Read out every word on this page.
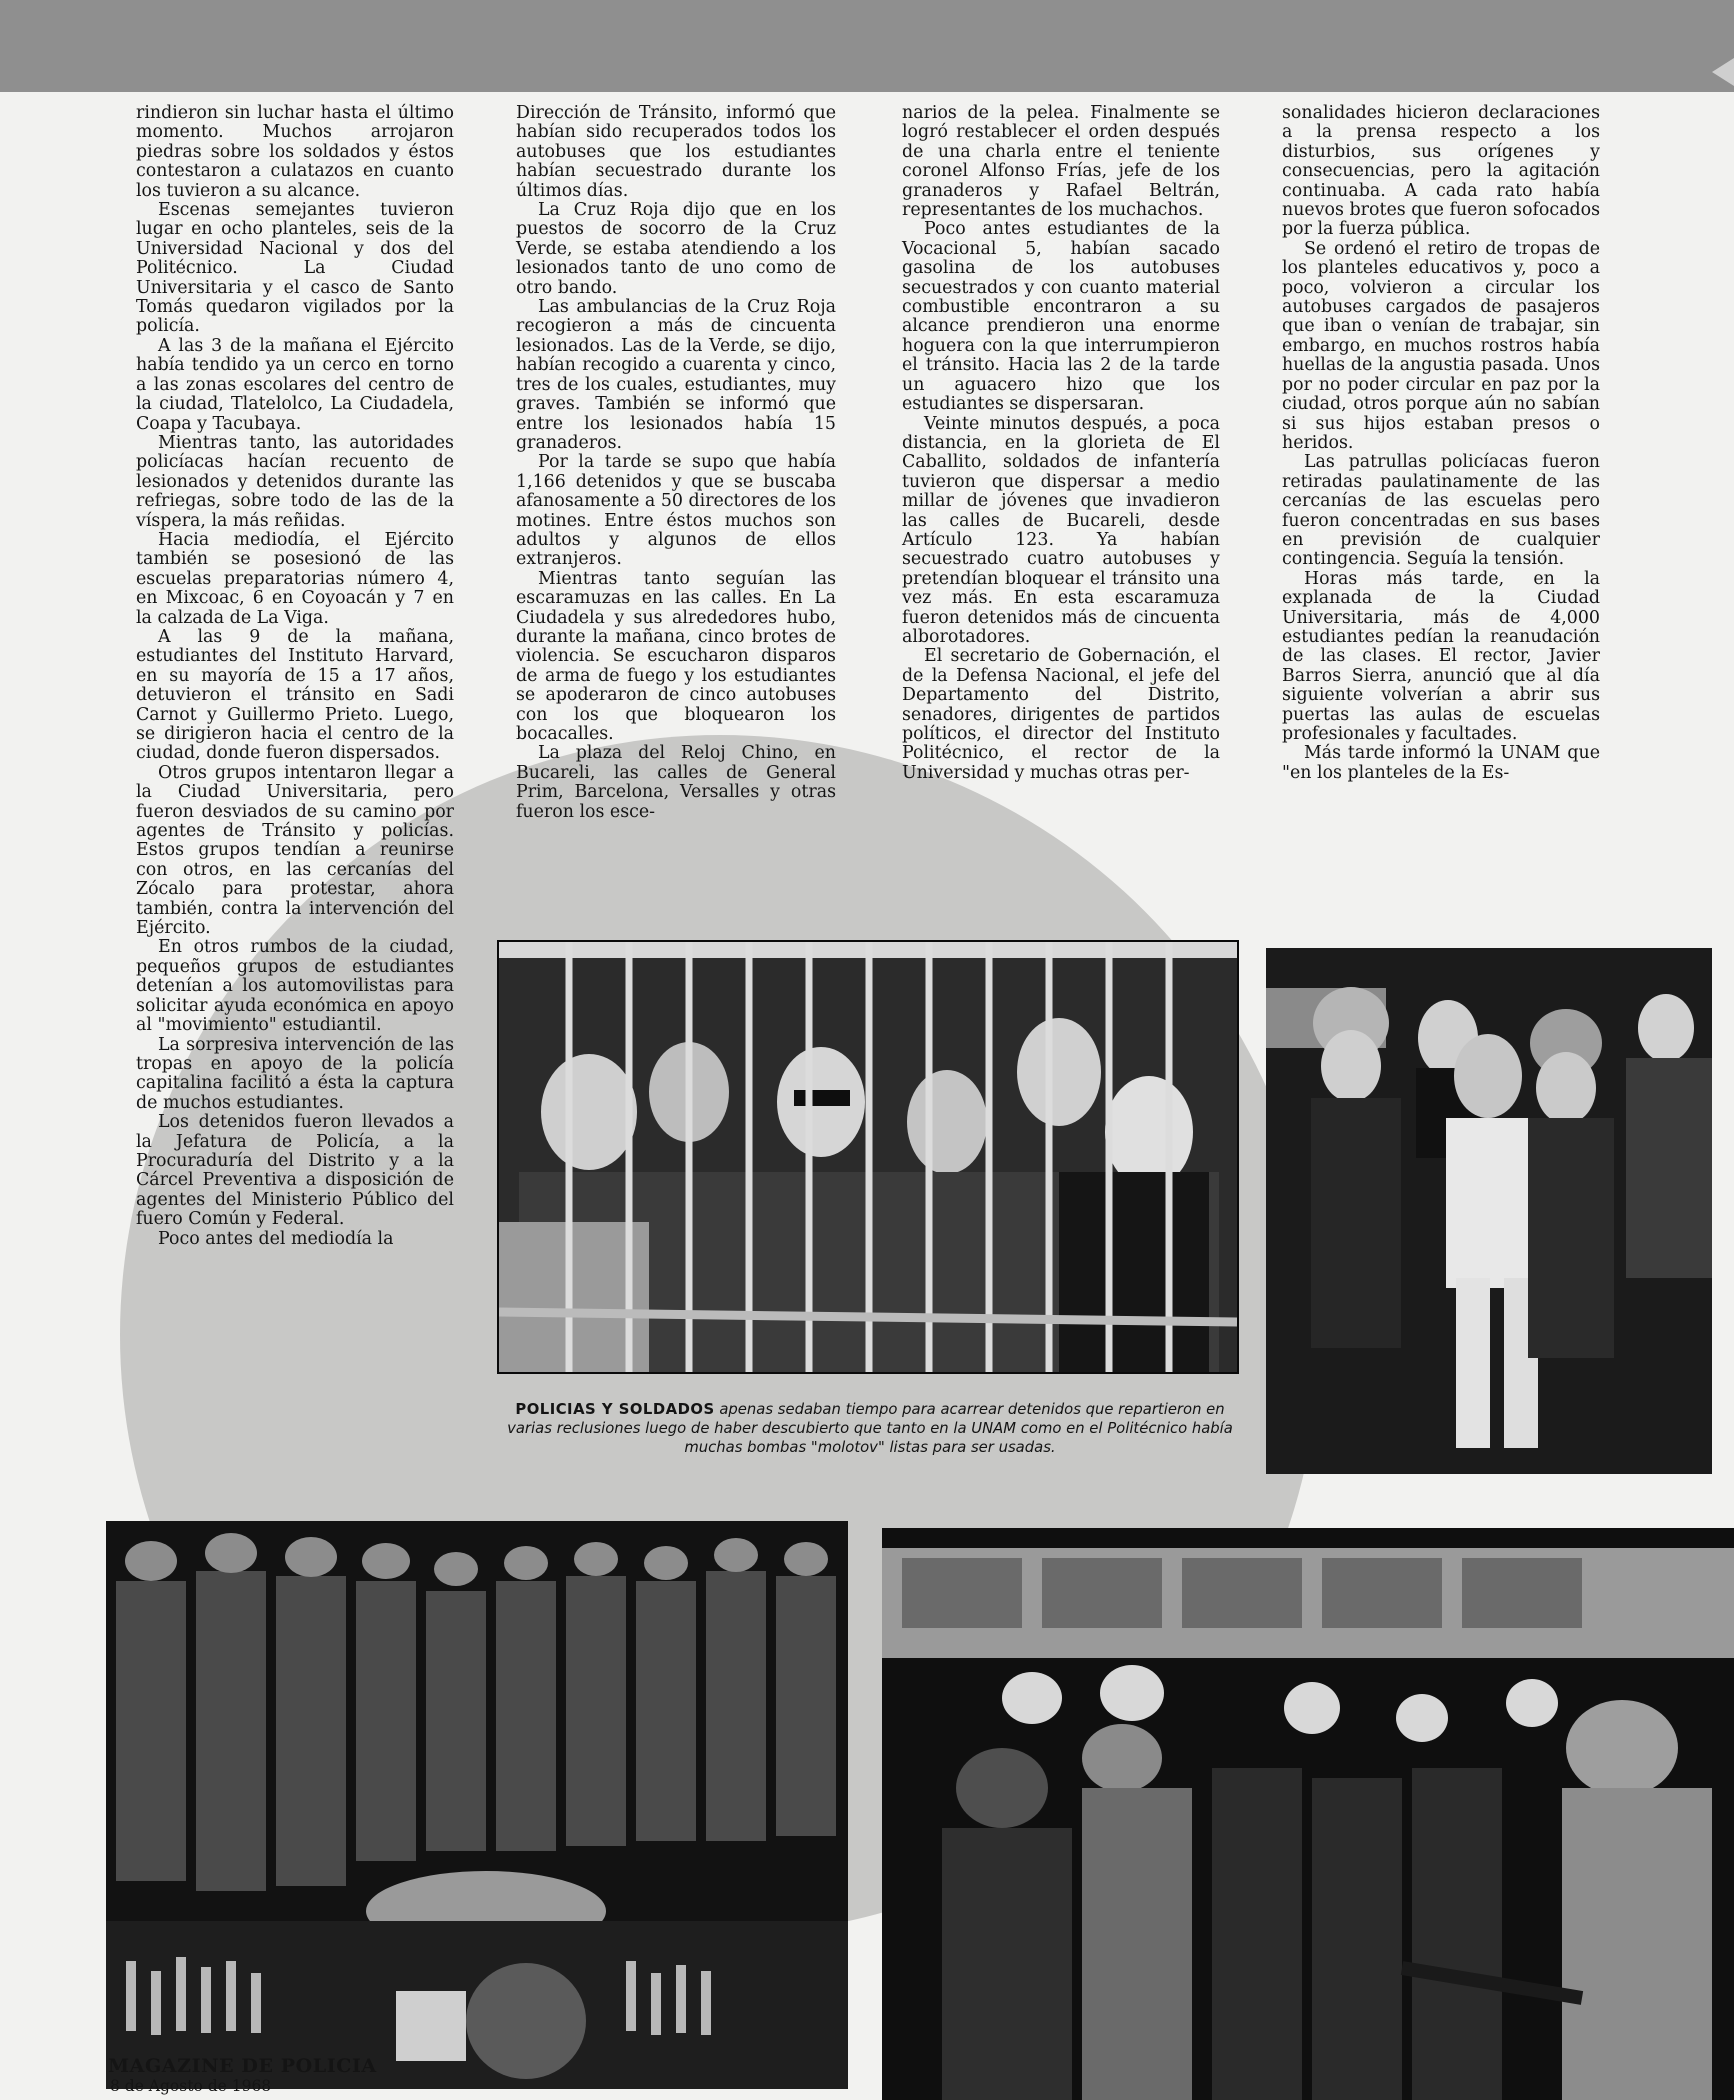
rindieron sin luchar hasta el último momento. Muchos arrojaron piedras sobre los soldados y éstos contestaron a culatazos en cuanto los tuvieron a su alcance.

Escenas semejantes tuvieron lugar en ocho planteles, seis de la Universidad Nacional y dos del Politécnico. La Ciudad Universitaria y el casco de Santo Tomás quedaron vigilados por la policía.

A las 3 de la mañana el Ejército había tendido ya un cerco en torno a las zonas escolares del centro de la ciudad, Tlatelolco, La Ciudadela, Coapa y Tacubaya.

Mientras tanto, las autoridades policíacas hacían recuento de lesionados y detenidos durante las refriegas, sobre todo de las de la víspera, la más reñidas.

Hacia mediodía, el Ejército también se posesionó de las escuelas preparatorias número 4, en Mixcoac, 6 en Coyoacán y 7 en la calzada de La Viga.

A las 9 de la mañana, estudiantes del Instituto Harvard, en su mayoría de 15 a 17 años, detuvieron el tránsito en Sadi Carnot y Guillermo Prieto. Luego, se dirigieron hacia el centro de la ciudad, donde fueron dispersados.

Otros grupos intentaron llegar a la Ciudad Universitaria, pero fueron desviados de su camino por agentes de Tránsito y policías. Estos grupos tendían a reunirse con otros, en las cercanías del Zócalo para protestar, ahora también, contra la intervención del Ejército.

En otros rumbos de la ciudad, pequeños grupos de estudiantes detenían a los automovilistas para solicitar ayuda económica en apoyo al "movimiento" estudiantil.

La sorpresiva intervención de las tropas en apoyo de la policía capitalina facilitó a ésta la captura de muchos estudiantes.

Los detenidos fueron llevados a la Jefatura de Policía, a la Procuraduría del Distrito y a la Cárcel Preventiva a disposición de agentes del Ministerio Público del fuero Común y Federal.

Poco antes del mediodía la

Dirección de Tránsito, informó que habían sido recuperados todos los autobuses que los estudiantes habían secuestrado durante los últimos días.

La Cruz Roja dijo que en los puestos de socorro de la Cruz Verde, se estaba atendiendo a los lesionados tanto de uno como de otro bando.

Las ambulancias de la Cruz Roja recogieron a más de cincuenta lesionados. Las de la Verde, se dijo, habían recogido a cuarenta y cinco, tres de los cuales, estudiantes, muy graves. También se informó que entre los lesionados había 15 granaderos.

Por la tarde se supo que había 1,166 detenidos y que se buscaba afanosamente a 50 directores de los motines. Entre éstos muchos son adultos y algunos de ellos extranjeros.

Mientras tanto seguían las escaramuzas en las calles. En La Ciudadela y sus alrededores hubo, durante la mañana, cinco brotes de violencia. Se escucharon disparos de arma de fuego y los estudiantes se apoderaron de cinco autobuses con los que bloquearon los bocacalles.

La plaza del Reloj Chino, en Bucareli, las calles de General Prim, Barcelona, Versalles y otras fueron los esce-

narios de la pelea. Finalmente se logró restablecer el orden después de una charla entre el teniente coronel Alfonso Frías, jefe de los granaderos y Rafael Beltrán, representantes de los muchachos.

Poco antes estudiantes de la Vocacional 5, habían sacado gasolina de los autobuses secuestrados y con cuanto material combustible encontraron a su alcance prendieron una enorme hoguera con la que interrumpieron el tránsito. Hacia las 2 de la tarde un aguacero hizo que los estudiantes se dispersaran.

Veinte minutos después, a poca distancia, en la glorieta de El Caballito, soldados de infantería tuvieron que dispersar a medio millar de jóvenes que invadieron las calles de Bucareli, desde Artículo 123. Ya habían secuestrado cuatro autobuses y pretendían bloquear el tránsito una vez más. En esta escaramuza fueron detenidos más de cincuenta alborotadores.

El secretario de Gobernación, el de la Defensa Nacional, el jefe del Departamento del Distrito, senadores, dirigentes de partidos políticos, el director del Instituto Politécnico, el rector de la Universidad y muchas otras per-

sonalidades hicieron declaraciones a la prensa respecto a los disturbios, sus orígenes y consecuencias, pero la agitación continuaba. A cada rato había nuevos brotes que fueron sofocados por la fuerza pública.

Se ordenó el retiro de tropas de los planteles educativos y, poco a poco, volvieron a circular los autobuses cargados de pasajeros que iban o venían de trabajar, sin embargo, en muchos rostros había huellas de la angustia pasada. Unos por no poder circular en paz por la ciudad, otros porque aún no sabían si sus hijos estaban presos o heridos.

Las patrullas policíacas fueron retiradas paulatinamente de las cercanías de las escuelas pero fueron concentradas en sus bases en previsión de cualquier contingencia. Seguía la tensión.

Horas más tarde, en la explanada de la Ciudad Universitaria, más de 4,000 estudiantes pedían la reanudación de las clases. El rector, Javier Barros Sierra, anunció que al día siguiente volverían a abrir sus puertas las aulas de escuelas profesionales y facultades.

Más tarde informó la UNAM que "en los planteles de la Es-

POLICIAS Y SOLDADOS apenas sedaban tiempo para acarrear detenidos que repartieron en varias reclusiones luego de haber descubierto que tanto en la UNAM como en el Politécnico había muchas bombas "molotov" listas para ser usadas.
MAGAZINE DE POLICIA
8 de Agosto de 1968
